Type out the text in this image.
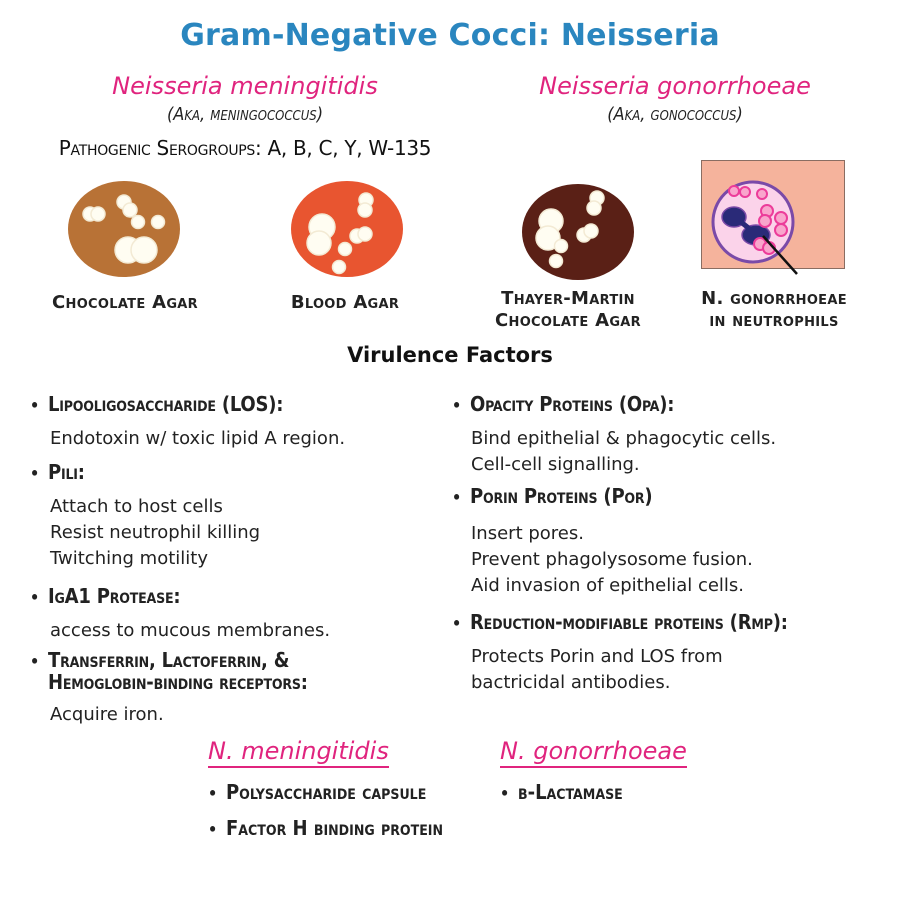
Gram-Negative Cocci: Neisseria
Neisseria meningitidis
(Aka, meningococcus)
Pathogenic Serogroups: A, B, C, Y, W-135
Neisseria gonorrhoeae
(Aka, gonococcus)
Chocolate Agar	Blood Agar	Thayer-Martin
Chocolate Agar
N. gonorrhoeae
in neutrophils
Virulence Factors
• Lipooligosaccharide (LOS):
Endotoxin w/ toxic lipid A region.
• Pili:
Attach to host cells
Resist neutrophil killing
Twitching motility
• IgA1 Protease:
access to mucous membranes.
• Transferrin, Lactoferrin, &
Hemoglobin-binding receptors:
Acquire iron.
• Opacity Proteins (Opa):
Bind epithelial & phagocytic cells.
Cell-cell signalling.
• Porin Proteins (Por)
Insert pores.
Prevent phagolysosome fusion.
Aid invasion of epithelial cells.
• Reduction-modifiable proteins (Rmp):
Protects Porin and LOS from
bactricidal antibodies.
N. meningitidis
• Polysaccharide capsule
• Factor H binding protein
N. gonorrhoeae
• β-Lactamase
